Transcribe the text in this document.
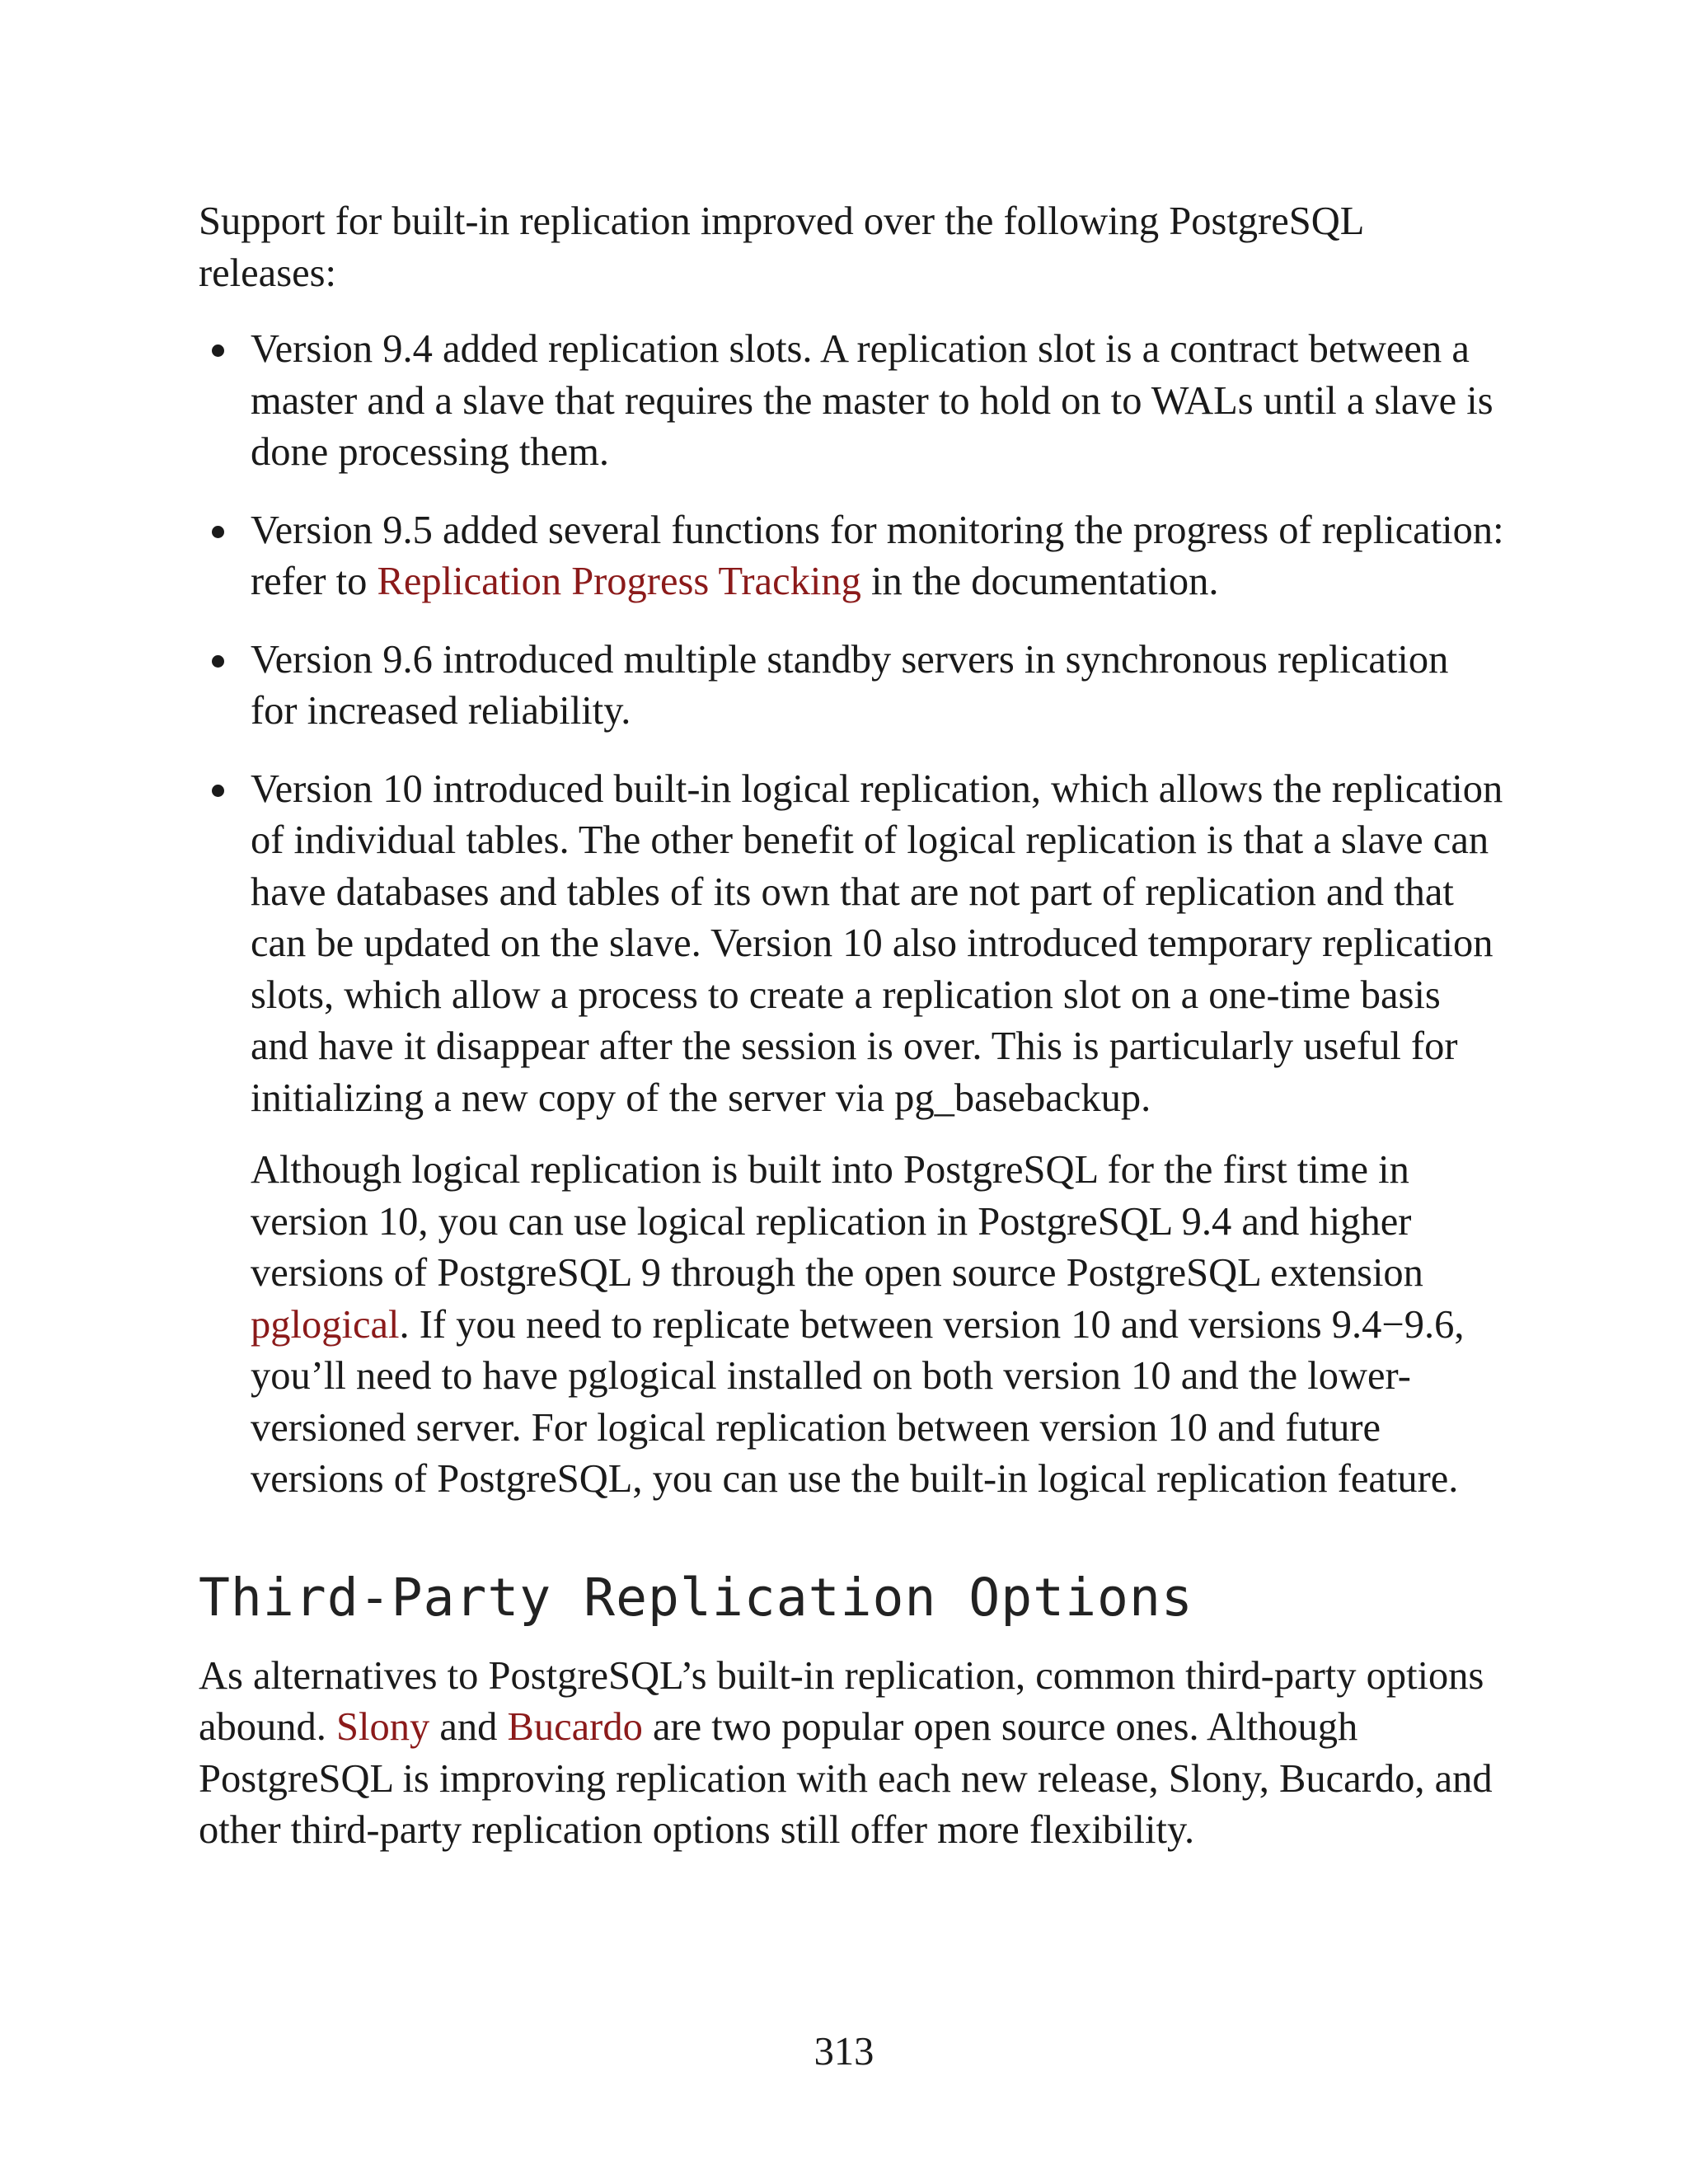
Support for built-in replication improved over the following PostgreSQL releases:

Version 9.4 added replication slots. A replication slot is a contract between a master and a slave that requires the master to hold on to WALs until a slave is done processing them.
Version 9.5 added several functions for monitoring the progress of replication: refer to Replication Progress Tracking in the documentation.
Version 9.6 introduced multiple standby servers in synchronous replication for increased reliability.
Version 10 introduced built-in logical replication, which allows the replication of individual tables. The other benefit of logical replication is that a slave can have databases and tables of its own that are not part of replication and that can be updated on the slave. Version 10 also introduced temporary replication slots, which allow a process to create a replication slot on a one-time basis and have it disappear after the session is over. This is particularly useful for initializing a new copy of the server via pg_basebackup.

Although logical replication is built into PostgreSQL for the first time in version 10, you can use logical replication in PostgreSQL 9.4 and higher versions of PostgreSQL 9 through the open source PostgreSQL extension pglogical. If you need to replicate between version 10 and versions 9.4−9.6, you’ll need to have pglogical installed on both version 10 and the lower-versioned server. For logical replication between version 10 and future versions of PostgreSQL, you can use the built-in logical replication feature.

Third-Party Replication Options

As alternatives to PostgreSQL’s built-in replication, common third-party options abound. Slony and Bucardo are two popular open source ones. Although PostgreSQL is improving replication with each new release, Slony, Bucardo, and other third-party replication options still offer more flexibility.

313
